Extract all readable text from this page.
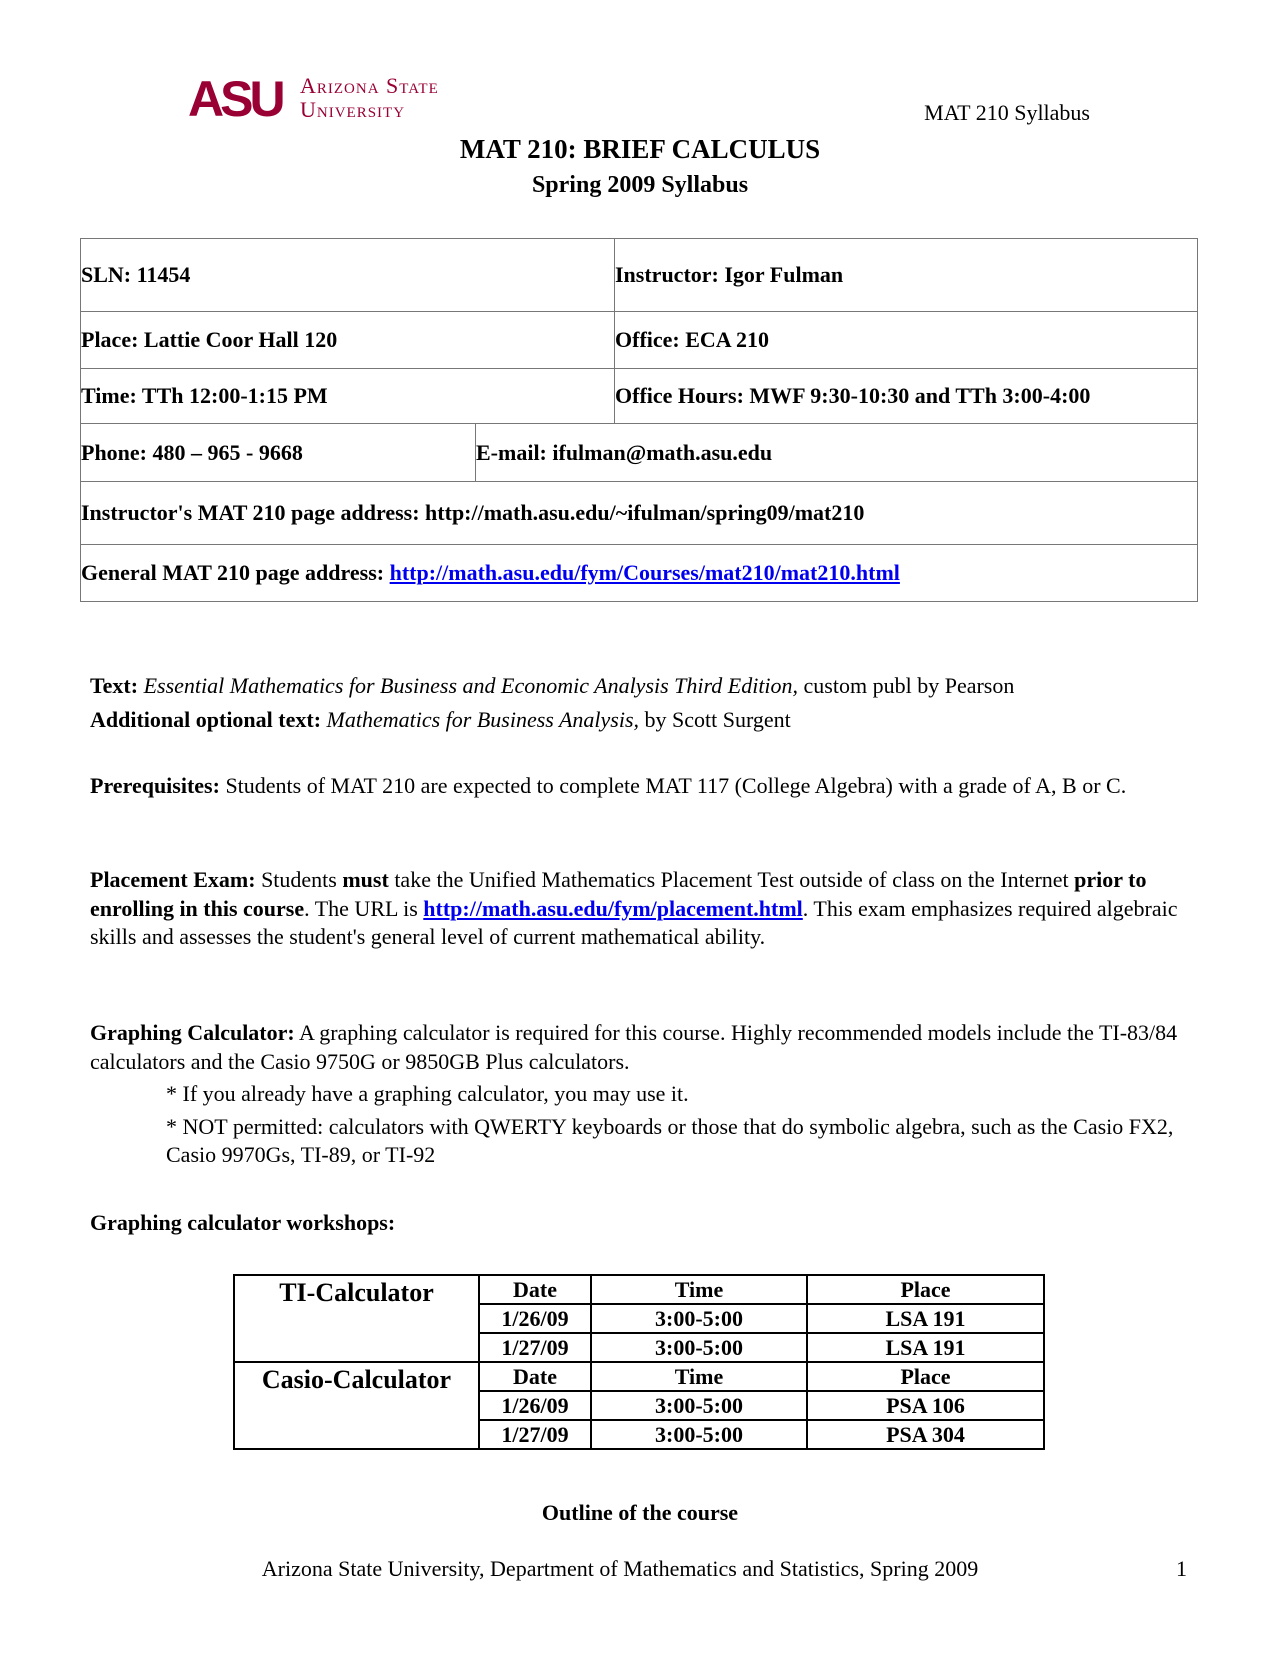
ASU Arizona State
University	MAT 210 Syllabus
MAT 210: BRIEF CALCULUS
Spring 2009 Syllabus
SLN: 11454		Instructor: Igor Fulman
Place: Lattie Coor Hall 120		Office: ECA 210
Time: TTh 12:00-1:15 PM		Office Hours: MWF 9:30-10:30 and TTh 3:00-4:00
Phone: 480 – 965 - 9668	E-mail: ifulman@math.asu.edu	
Instructor's MAT 210 page address: http://math.asu.edu/~ifulman/spring09/mat210		
General MAT 210 page address: http://math.asu.edu/fym/Courses/mat210/mat210.html		

Text: Essential Mathematics for Business and Economic Analysis Third Edition, custom publ by Pearson

Additional optional text: Mathematics for Business Analysis, by Scott Surgent

Prerequisites: Students of MAT 210 are expected to complete MAT 117 (College Algebra) with a grade of A, B or C.

Placement Exam: Students must take the Unified Mathematics Placement Test outside of class on the Internet prior to enrolling in this course. The URL is http://math.asu.edu/fym/placement.html. This exam emphasizes required algebraic skills and assesses the student's general level of current mathematical ability.

Graphing Calculator: A graphing calculator is required for this course. Highly recommended models include the TI-83/84 calculators and the Casio 9750G or 9850GB Plus calculators.

* If you already have a graphing calculator, you may use it.

* NOT permitted: calculators with QWERTY keyboards or those that do symbolic algebra, such as the Casio FX2, Casio 9970Gs, TI-89, or TI-92

Graphing calculator workshops:
TI-Calculator	Date	Time	Place
	1/26/09	3:00-5:00	LSA 191
	1/27/09	3:00-5:00	LSA 191
Casio-Calculator	Date	Time	Place
	1/26/09	3:00-5:00	PSA 106
	1/27/09	3:00-5:00	PSA 304
Outline of the course
Arizona State University, Department of Mathematics and Statistics, Spring 2009	1
